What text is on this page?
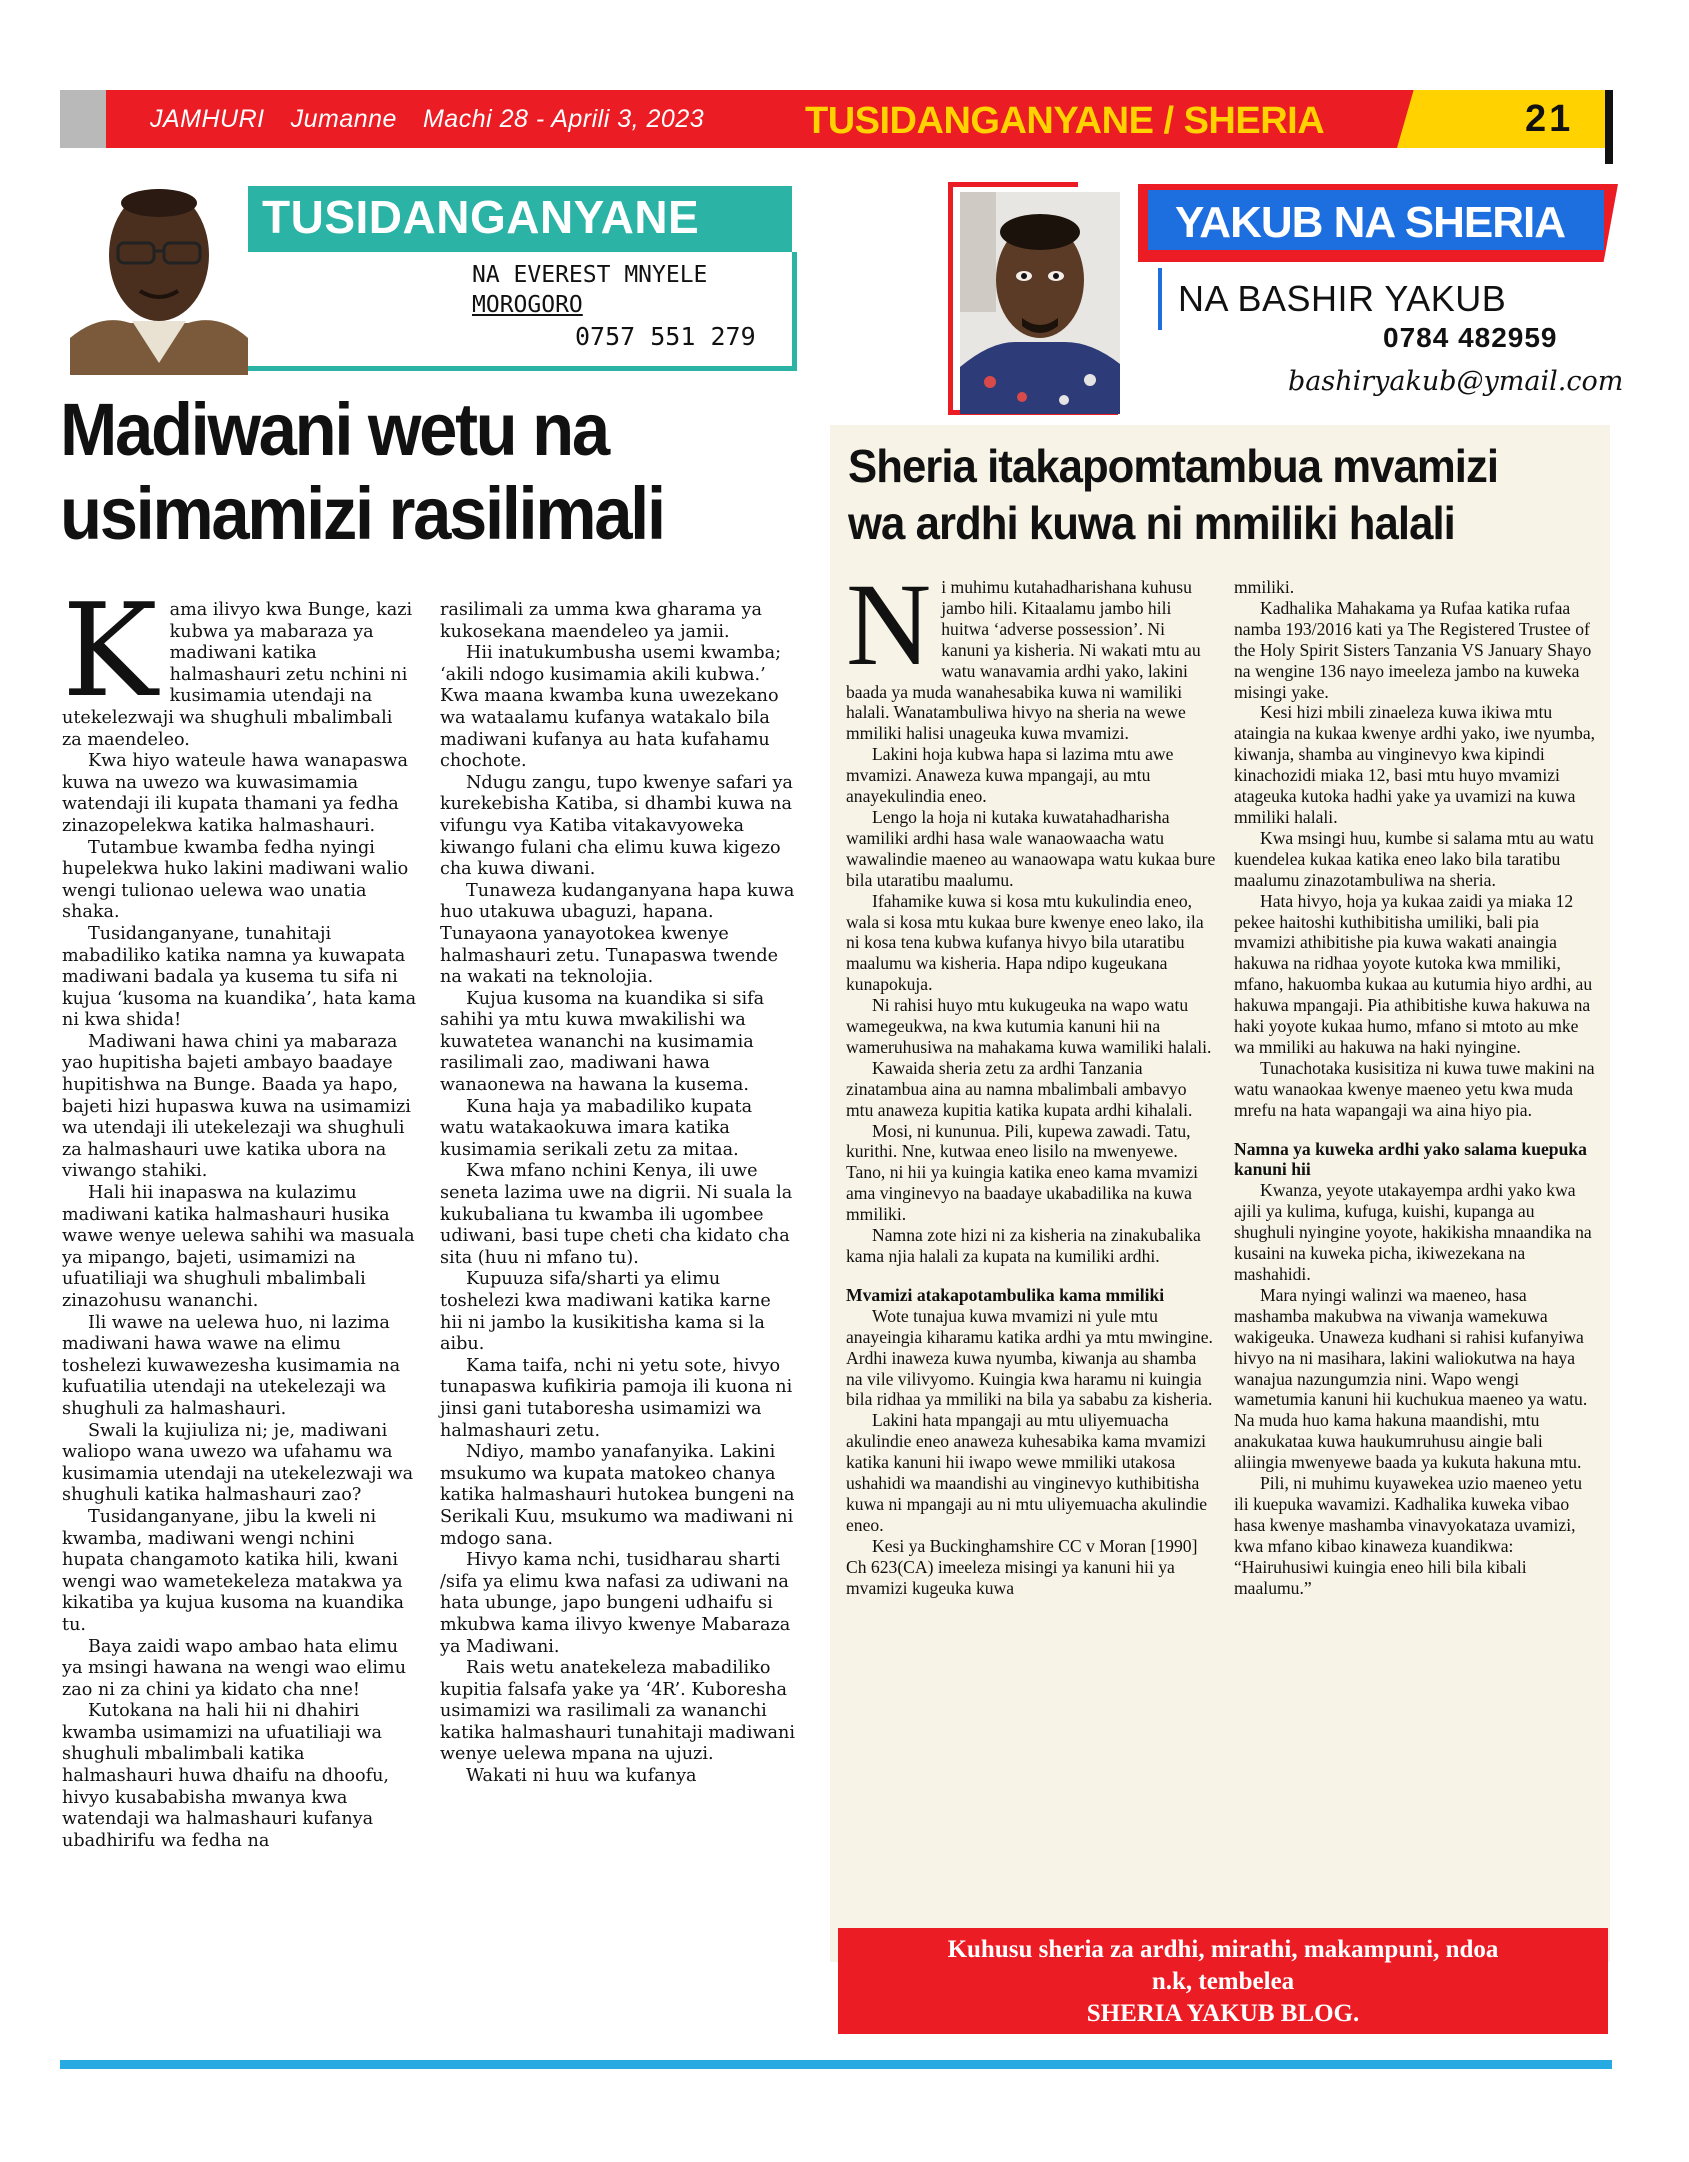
JAMHURI Jumanne Machi 28 - Aprili 3, 2023	TUSIDANGANYANE / SHERIA	21
TUSIDANGANYANE
NA EVEREST MNYELE
MOROGORO
0757 551 279
YAKUB NA SHERIA
NA BASHIR YAKUB
0784 482959
bashiryakub@ymail.com
Madiwani wetu na usimamizi rasilimali

Kama ilivyo kwa Bunge, kazi kubwa ya mabaraza ya madiwani katika halmashauri zetu nchini ni kusimamia utendaji na utekelezwaji wa shughuli mbalimbali za maendeleo.

Kwa hiyo wateule hawa wanapaswa kuwa na uwezo wa kuwasimamia watendaji ili kupata thamani ya fedha zinazopelekwa katika halmashauri.

Tutambue kwamba fedha nyingi hupelekwa huko lakini madiwani walio wengi tulionao uelewa wao unatia shaka.

Tusidanganyane, tunahitaji mabadiliko katika namna ya kuwapata madiwani badala ya kusema tu sifa ni kujua ‘kusoma na kuandika’, hata kama ni kwa shida!

Madiwani hawa chini ya mabaraza yao hupitisha bajeti ambayo baadaye hupitishwa na Bunge. Baada ya hapo, bajeti hizi hupaswa kuwa na usimamizi wa utendaji ili utekelezaji wa shughuli za halmashauri uwe katika ubora na viwango stahiki.

Hali hii inapaswa na kulazimu madiwani katika halmashauri husika wawe wenye uelewa sahihi wa masuala ya mipango, bajeti, usimamizi na ufuatiliaji wa shughuli mbalimbali zinazohusu wananchi.

Ili wawe na uelewa huo, ni lazima madiwani hawa wawe na elimu toshelezi kuwawezesha kusimamia na kufuatilia utendaji na utekelezaji wa shughuli za halmashauri.

Swali la kujiuliza ni; je, madiwani waliopo wana uwezo wa ufahamu wa kusimamia utendaji na utekelezwaji wa shughuli katika halmashauri zao?

Tusidanganyane, jibu la kweli ni kwamba, madiwani wengi nchini hupata changamoto katika hili, kwani wengi wao wametekeleza matakwa ya kikatiba ya kujua kusoma na kuandika tu.

Baya zaidi wapo ambao hata elimu ya msingi hawana na wengi wao elimu zao ni za chini ya kidato cha nne!

Kutokana na hali hii ni dhahiri kwamba usimamizi na ufuatiliaji wa shughuli mbalimbali katika halmashauri huwa dhaifu na dhoofu, hivyo kusababisha mwanya kwa watendaji wa halmashauri kufanya ubadhirifu wa fedha na

rasilimali za umma kwa gharama ya kukosekana maendeleo ya jamii.

Hii inatukumbusha usemi kwamba; ‘akili ndogo kusimamia akili kubwa.’ Kwa maana kwamba kuna uwezekano wa wataalamu kufanya watakalo bila madiwani kufanya au hata kufahamu chochote.

Ndugu zangu, tupo kwenye safari ya kurekebisha Katiba, si dhambi kuwa na vifungu vya Katiba vitakavyoweka kiwango fulani cha elimu kuwa kigezo cha kuwa diwani.

Tunaweza kudanganyana hapa kuwa huo utakuwa ubaguzi, hapana. Tunayaona yanayotokea kwenye halmashauri zetu. Tunapaswa twende na wakati na teknolojia.

Kujua kusoma na kuandika si sifa sahihi ya mtu kuwa mwakilishi wa kuwatetea wananchi na kusimamia rasilimali zao, madiwani hawa wanaonewa na hawana la kusema.

Kuna haja ya mabadiliko kupata watu watakaokuwa imara katika kusimamia serikali zetu za mitaa.

Kwa mfano nchini Kenya, ili uwe seneta lazima uwe na digrii. Ni suala la kukubaliana tu kwamba ili ugombee udiwani, basi tupe cheti cha kidato cha sita (huu ni mfano tu).

Kupuuza sifa/sharti ya elimu toshelezi kwa madiwani katika karne hii ni jambo la kusikitisha kama si la aibu.

Kama taifa, nchi ni yetu sote, hivyo tunapaswa kufikiria pamoja ili kuona ni jinsi gani tutaboresha usimamizi wa halmashauri zetu.

Ndiyo, mambo yanafanyika. Lakini msukumo wa kupata matokeo chanya katika halmashauri hutokea bungeni na Serikali Kuu, msukumo wa madiwani ni mdogo sana.

Hivyo kama nchi, tusidharau sharti /sifa ya elimu kwa nafasi za udiwani na hata ubunge, japo bungeni udhaifu si mkubwa kama ilivyo kwenye Mabaraza ya Madiwani.

Rais wetu anatekeleza mabadiliko kupitia falsafa yake ya ‘4R’. Kuboresha usimamizi wa rasilimali za wananchi katika halmashauri tunahitaji madiwani wenye uelewa mpana na ujuzi.

Wakati ni huu wa kufanya

Sheria itakapomtambua mvamizi wa ardhi kuwa ni mmiliki halali

Ni muhimu kutahadharishana kuhusu jambo hili. Kitaalamu jambo hili huitwa ‘adverse possession’. Ni kanuni ya kisheria. Ni wakati mtu au watu wanavamia ardhi yako, lakini baada ya muda wanahesabika kuwa ni wamiliki halali. Wanatambuliwa hivyo na sheria na wewe mmiliki halisi unageuka kuwa mvamizi.

Lakini hoja kubwa hapa si lazima mtu awe mvamizi. Anaweza kuwa mpangaji, au mtu anayekulindia eneo.

Lengo la hoja ni kutaka kuwatahadharisha wamiliki ardhi hasa wale wanaowaacha watu wawalindie maeneo au wanaowapa watu kukaa bure bila utaratibu maalumu.

Ifahamike kuwa si kosa mtu kukulindia eneo, wala si kosa mtu kukaa bure kwenye eneo lako, ila ni kosa tena kubwa kufanya hivyo bila utaratibu maalumu wa kisheria. Hapa ndipo kugeukana kunapokuja.

Ni rahisi huyo mtu kukugeuka na wapo watu wamegeukwa, na kwa kutumia kanuni hii na wameruhusiwa na mahakama kuwa wamiliki halali.

Kawaida sheria zetu za ardhi Tanzania zinatambua aina au namna mbalimbali ambavyo mtu anaweza kupitia katika kupata ardhi kihalali.

Mosi, ni kununua. Pili, kupewa zawadi. Tatu, kurithi. Nne, kutwaa eneo lisilo na mwenyewe. Tano, ni hii ya kuingia katika eneo kama mvamizi ama vinginevyo na baadaye ukabadilika na kuwa mmiliki.

Namna zote hizi ni za kisheria na zinakubalika kama njia halali za kupata na kumiliki ardhi.

Mvamizi atakapotambulika kama mmiliki

Wote tunajua kuwa mvamizi ni yule mtu anayeingia kiharamu katika ardhi ya mtu mwingine. Ardhi inaweza kuwa nyumba, kiwanja au shamba na vile vilivyomo. Kuingia kwa haramu ni kuingia bila ridhaa ya mmiliki na bila ya sababu za kisheria.

Lakini hata mpangaji au mtu uliyemuacha akulindie eneo anaweza kuhesabika kama mvamizi katika kanuni hii iwapo wewe mmiliki utakosa ushahidi wa maandishi au vinginevyo kuthibitisha kuwa ni mpangaji au ni mtu uliyemuacha akulindie eneo.

Kesi ya Buckinghamshire CC v Moran [1990] Ch 623(CA) imeeleza misingi ya kanuni hii ya mvamizi kugeuka kuwa

mmiliki.

Kadhalika Mahakama ya Rufaa katika rufaa namba 193/2016 kati ya The Registered Trustee of the Holy Spirit Sisters Tanzania VS January Shayo na wengine 136 nayo imeeleza jambo na kuweka misingi yake.

Kesi hizi mbili zinaeleza kuwa ikiwa mtu ataingia na kukaa kwenye ardhi yako, iwe nyumba, kiwanja, shamba au vinginevyo kwa kipindi kinachozidi miaka 12, basi mtu huyo mvamizi atageuka kutoka hadhi yake ya uvamizi na kuwa mmiliki halali.

Kwa msingi huu, kumbe si salama mtu au watu kuendelea kukaa katika eneo lako bila taratibu maalumu zinazotambuliwa na sheria.

Hata hivyo, hoja ya kukaa zaidi ya miaka 12 pekee haitoshi kuthibitisha umiliki, bali pia mvamizi athibitishe pia kuwa wakati anaingia hakuwa na ridhaa yoyote kutoka kwa mmiliki, mfano, hakuomba kukaa au kutumia hiyo ardhi, au hakuwa mpangaji. Pia athibitishe kuwa hakuwa na haki yoyote kukaa humo, mfano si mtoto au mke wa mmiliki au hakuwa na haki nyingine.

Tunachotaka kusisitiza ni kuwa tuwe makini na watu wanaokaa kwenye maeneo yetu kwa muda mrefu na hata wapangaji wa aina hiyo pia.

Namna ya kuweka ardhi yako salama kuepuka kanuni hii

Kwanza, yeyote utakayempa ardhi yako kwa ajili ya kulima, kufuga, kuishi, kupanga au shughuli nyingine yoyote, hakikisha mnaandika na kusaini na kuweka picha, ikiwezekana na mashahidi.

Mara nyingi walinzi wa maeneo, hasa mashamba makubwa na viwanja wamekuwa wakigeuka. Unaweza kudhani si rahisi kufanyiwa hivyo na ni masihara, lakini waliokutwa na haya wanajua nazungumzia nini. Wapo wengi wametumia kanuni hii kuchukua maeneo ya watu. Na muda huo kama hakuna maandishi, mtu anakukataa kuwa haukumruhusu aingie bali aliingia mwenyewe baada ya kukuta hakuna mtu.

Pili, ni muhimu kuyawekea uzio maeneo yetu ili kuepuka wavamizi. Kadhalika kuweka vibao hasa kwenye mashamba vinavyokataza uvamizi, kwa mfano kibao kinaweza kuandikwa: “Hairuhusiwi kuingia eneo hili bila kibali maalumu.”

Kuhusu sheria za ardhi, mirathi, makampuni, ndoa
n.k, tembelea
SHERIA YAKUB BLOG.
